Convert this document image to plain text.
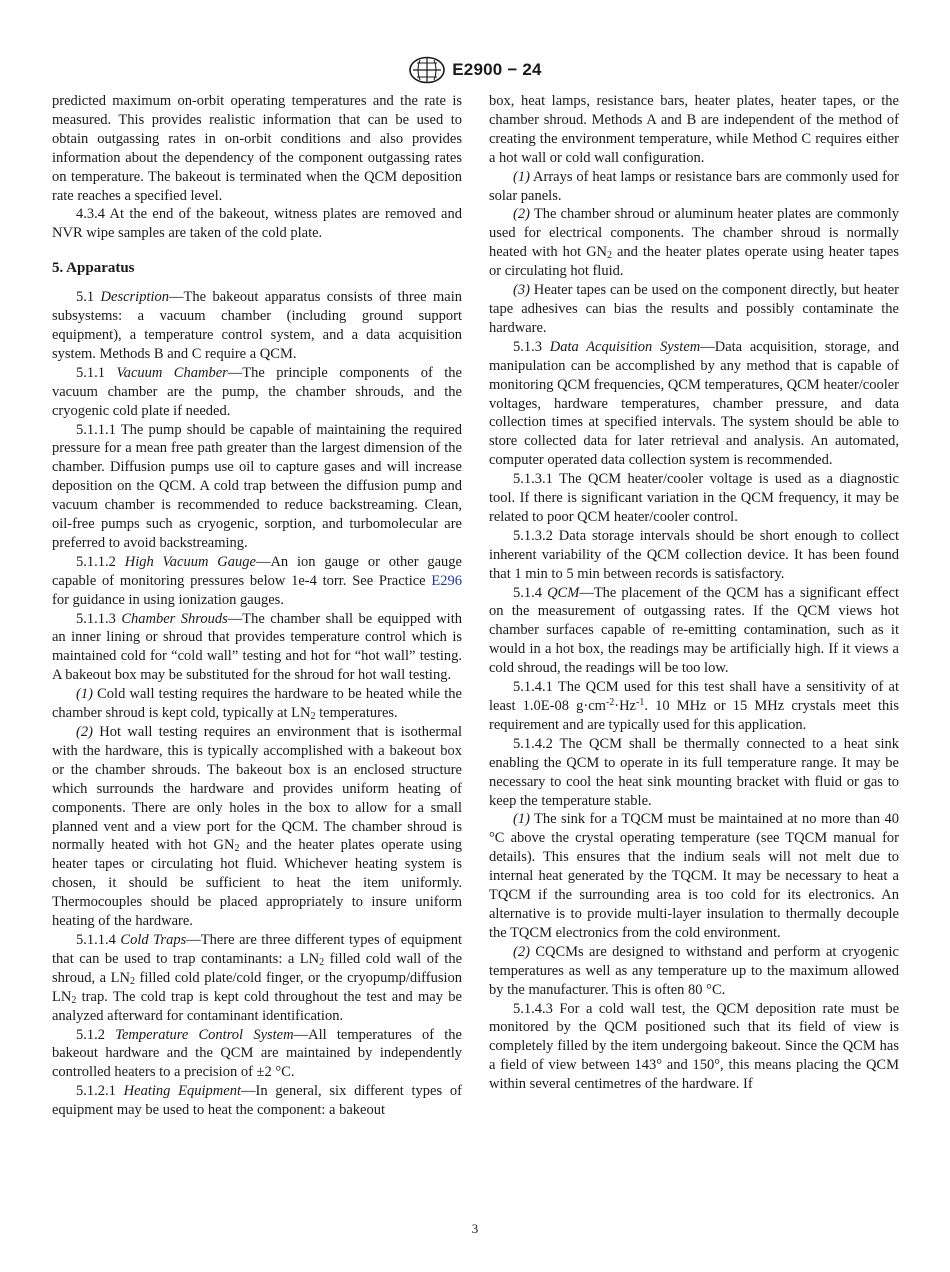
E2900 − 24

predicted maximum on-orbit operating temperatures and the rate is measured. This provides realistic information that can be used to obtain outgassing rates in on-orbit conditions and also provides information about the dependency of the component outgassing rates on temperature. The bakeout is terminated when the QCM deposition rate reaches a specified level.

4.3.4 At the end of the bakeout, witness plates are removed and NVR wipe samples are taken of the cold plate.

5. Apparatus

5.1 Description—The bakeout apparatus consists of three main subsystems: a vacuum chamber (including ground support equipment), a temperature control system, and a data acquisition system. Methods B and C require a QCM.

5.1.1 Vacuum Chamber—The principle components of the vacuum chamber are the pump, the chamber shrouds, and the cryogenic cold plate if needed.

5.1.1.1 The pump should be capable of maintaining the required pressure for a mean free path greater than the largest dimension of the chamber. Diffusion pumps use oil to capture gases and will increase deposition on the QCM. A cold trap between the diffusion pump and vacuum chamber is recommended to reduce backstreaming. Clean, oil-free pumps such as cryogenic, sorption, and turbomolecular are preferred to avoid backstreaming.

5.1.1.2 High Vacuum Gauge—An ion gauge or other gauge capable of monitoring pressures below 1e-4 torr. See Practice E296 for guidance in using ionization gauges.

5.1.1.3 Chamber Shrouds—The chamber shall be equipped with an inner lining or shroud that provides temperature control which is maintained cold for “cold wall” testing and hot for “hot wall” testing. A bakeout box may be substituted for the shroud for hot wall testing.

(1) Cold wall testing requires the hardware to be heated while the chamber shroud is kept cold, typically at $LN_2$ temperatures.

(2) Hot wall testing requires an environment that is isothermal with the hardware, this is typically accomplished with a bakeout box or the chamber shrouds. The bakeout box is an enclosed structure which surrounds the hardware and provides uniform heating of components. There are only holes in the box to allow for a small planned vent and a view port for the QCM. The chamber shroud is normally heated with hot $GN_2$ and the heater plates operate using heater tapes or circulating hot fluid. Whichever heating system is chosen, it should be sufficient to heat the item uniformly. Thermocouples should be placed appropriately to insure uniform heating of the hardware.

5.1.1.4 Cold Traps—There are three different types of equipment that can be used to trap contaminants: a $LN_2$ filled cold wall of the shroud, a $LN_2$ filled cold plate/cold finger, or the cryopump/diffusion $LN_2$ trap. The cold trap is kept cold throughout the test and may be analyzed afterward for contaminant identification.

5.1.2 Temperature Control System—All temperatures of the bakeout hardware and the QCM are maintained by independently controlled heaters to a precision of ±2 °C.

5.1.2.1 Heating Equipment—In general, six different types of equipment may be used to heat the component: a bakeout

box, heat lamps, resistance bars, heater plates, heater tapes, or the chamber shroud. Methods A and B are independent of the method of creating the environment temperature, while Method C requires either a hot wall or cold wall configuration.

(1) Arrays of heat lamps or resistance bars are commonly used for solar panels.

(2) The chamber shroud or aluminum heater plates are commonly used for electrical components. The chamber shroud is normally heated with hot $GN_2$ and the heater plates operate using heater tapes or circulating hot fluid.

(3) Heater tapes can be used on the component directly, but heater tape adhesives can bias the results and possibly contaminate the hardware.

5.1.3 Data Acquisition System—Data acquisition, storage, and manipulation can be accomplished by any method that is capable of monitoring QCM frequencies, QCM temperatures, QCM heater/cooler voltages, hardware temperatures, chamber pressure, and data collection times at specified intervals. The system should be able to store collected data for later retrieval and analysis. An automated, computer operated data collection system is recommended.

5.1.3.1 The QCM heater/cooler voltage is used as a diagnostic tool. If there is significant variation in the QCM frequency, it may be related to poor QCM heater/cooler control.

5.1.3.2 Data storage intervals should be short enough to collect inherent variability of the QCM collection device. It has been found that 1 min to 5 min between records is satisfactory.

5.1.4 QCM—The placement of the QCM has a significant effect on the measurement of outgassing rates. If the QCM views hot chamber surfaces capable of re-emitting contamination, such as it would in a hot box, the readings may be artificially high. If it views a cold shroud, the readings will be too low.

5.1.4.1 The QCM used for this test shall have a sensitivity of at least 1.0E-08 $g\cdot cm^{-2}\cdot Hz^{-1}$. 10 MHz or 15 MHz crystals meet this requirement and are typically used for this application.

5.1.4.2 The QCM shall be thermally connected to a heat sink enabling the QCM to operate in its full temperature range. It may be necessary to cool the heat sink mounting bracket with fluid or gas to keep the temperature stable.

(1) The sink for a TQCM must be maintained at no more than 40 °C above the crystal operating temperature (see TQCM manual for details). This ensures that the indium seals will not melt due to internal heat generated by the TQCM. It may be necessary to heat a TQCM if the surrounding area is too cold for its electronics. An alternative is to provide multi-layer insulation to thermally decouple the TQCM electronics from the cold environment.

(2) CQCMs are designed to withstand and perform at cryogenic temperatures as well as any temperature up to the maximum allowed by the manufacturer. This is often 80 °C.

5.1.4.3 For a cold wall test, the QCM deposition rate must be monitored by the QCM positioned such that its field of view is completely filled by the item undergoing bakeout. Since the QCM has a field of view between 143° and 150°, this means placing the QCM within several centimetres of the hardware. If

3
